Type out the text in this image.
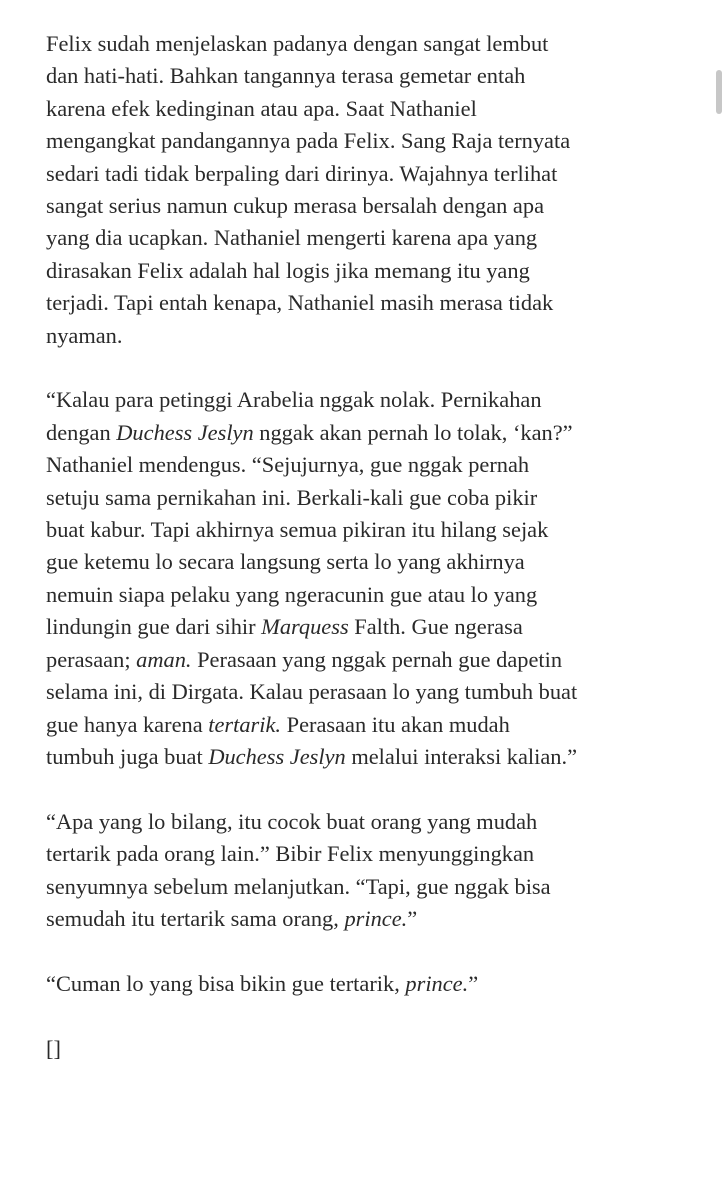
Felix sudah menjelaskan padanya dengan sangat lembut
dan hati-hati. Bahkan tangannya terasa gemetar entah
karena efek kedinginan atau apa. Saat Nathaniel
mengangkat pandangannya pada Felix. Sang Raja ternyata
sedari tadi tidak berpaling dari dirinya. Wajahnya terlihat
sangat serius namun cukup merasa bersalah dengan apa
yang dia ucapkan. Nathaniel mengerti karena apa yang
dirasakan Felix adalah hal logis jika memang itu yang
terjadi. Tapi entah kenapa, Nathaniel masih merasa tidak
nyaman.

“Kalau para petinggi Arabelia nggak nolak. Pernikahan
dengan Duchess Jeslyn nggak akan pernah lo tolak, ‘kan?”
Nathaniel mendengus. “Sejujurnya, gue nggak pernah
setuju sama pernikahan ini. Berkali-kali gue coba pikir
buat kabur. Tapi akhirnya semua pikiran itu hilang sejak
gue ketemu lo secara langsung serta lo yang akhirnya
nemuin siapa pelaku yang ngeracunin gue atau lo yang
lindungin gue dari sihir Marquess Falth. Gue ngerasa
perasaan; aman. Perasaan yang nggak pernah gue dapetin
selama ini, di Dirgata. Kalau perasaan lo yang tumbuh buat
gue hanya karena tertarik. Perasaan itu akan mudah
tumbuh juga buat Duchess Jeslyn melalui interaksi kalian.”

“Apa yang lo bilang, itu cocok buat orang yang mudah
tertarik pada orang lain.” Bibir Felix menyunggingkan
senyumnya sebelum melanjutkan. “Tapi, gue nggak bisa
semudah itu tertarik sama orang, prince.”

“Cuman lo yang bisa bikin gue tertarik, prince.”

[]
